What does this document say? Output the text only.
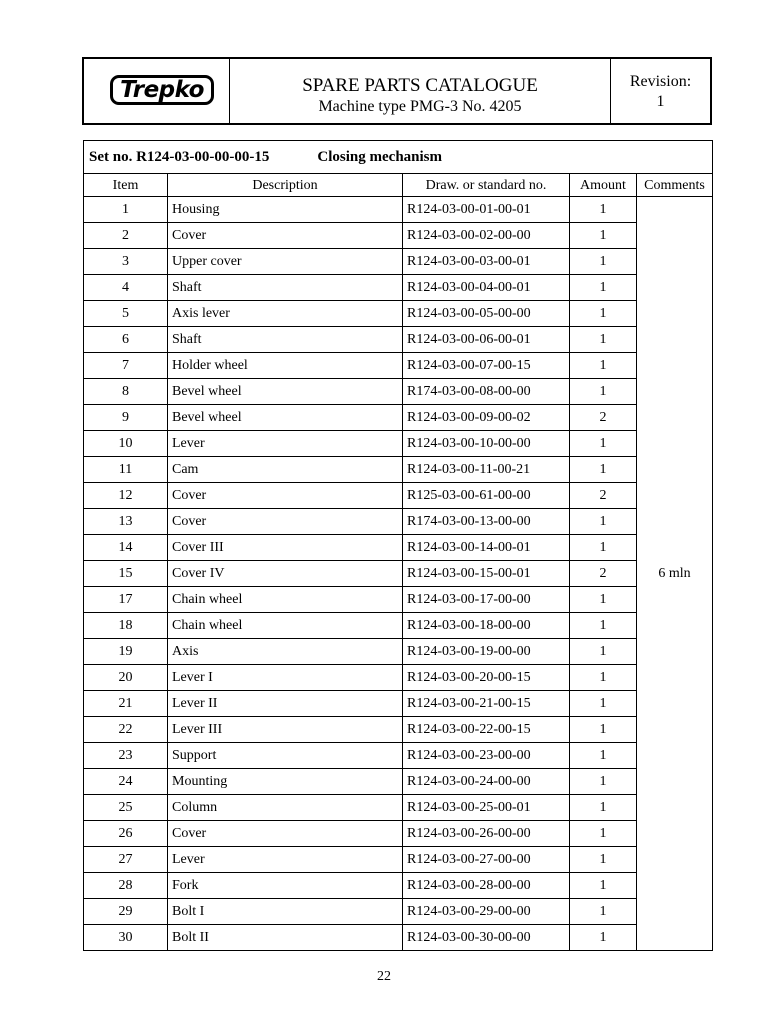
Trepko	SPARE PARTS CATALOGUE
Machine type PMG-3 No. 4205
Revision:
1
Set no. R124-03-00-00-00-15 Closing mechanism				
Item	Description	Draw. or standard no.	Amount	Comments
1	Housing	R124-03-00-01-00-01	1	6 mln
2	Cover	R124-03-00-02-00-00	1	
3	Upper cover	R124-03-00-03-00-01	1	
4	Shaft	R124-03-00-04-00-01	1	
5	Axis lever	R124-03-00-05-00-00	1	
6	Shaft	R124-03-00-06-00-01	1	
7	Holder wheel	R124-03-00-07-00-15	1	
8	Bevel wheel	R174-03-00-08-00-00	1	
9	Bevel wheel	R124-03-00-09-00-02	2	
10	Lever	R124-03-00-10-00-00	1	
11	Cam	R124-03-00-11-00-21	1	
12	Cover	R125-03-00-61-00-00	2	
13	Cover	R174-03-00-13-00-00	1	
14	Cover III	R124-03-00-14-00-01	1	
15	Cover IV	R124-03-00-15-00-01	2	
17	Chain wheel	R124-03-00-17-00-00	1	
18	Chain wheel	R124-03-00-18-00-00	1	
19	Axis	R124-03-00-19-00-00	1	
20	Lever I	R124-03-00-20-00-15	1	
21	Lever II	R124-03-00-21-00-15	1	
22	Lever III	R124-03-00-22-00-15	1	
23	Support	R124-03-00-23-00-00	1	
24	Mounting	R124-03-00-24-00-00	1	
25	Column	R124-03-00-25-00-01	1	
26	Cover	R124-03-00-26-00-00	1	
27	Lever	R124-03-00-27-00-00	1	
28	Fork	R124-03-00-28-00-00	1	
29	Bolt I	R124-03-00-29-00-00	1	
30	Bolt II	R124-03-00-30-00-00	1	
22
